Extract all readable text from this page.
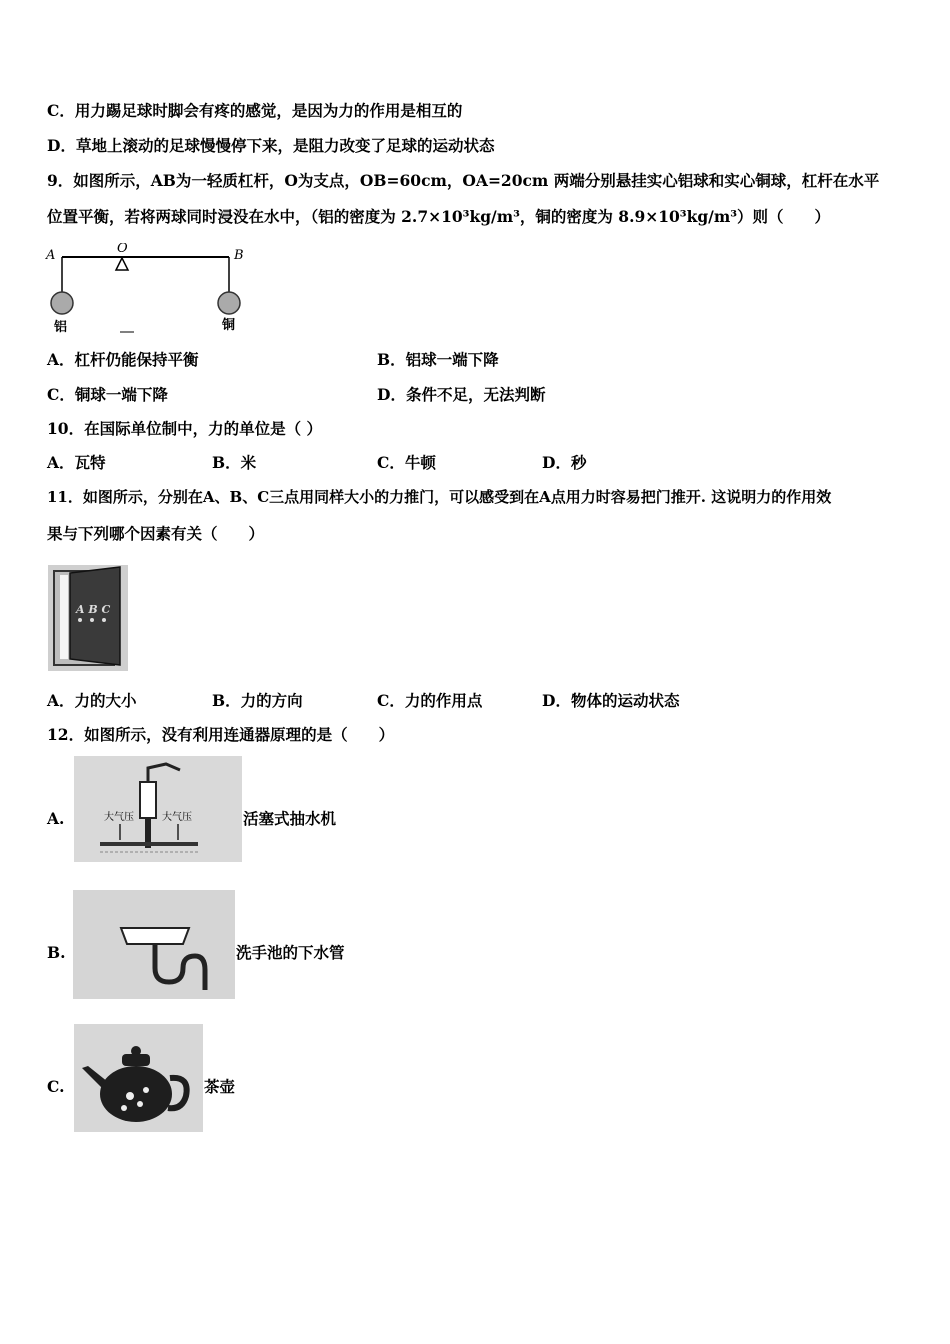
C．用力踢足球时脚会有疼的感觉，是因为力的作用是相互的
D．草地上滚动的足球慢慢停下来，是阻力改变了足球的运动状态
9．如图所示，AB为一轻质杠杆，O为支点，OB=60cm，OA=20cm 两端分别悬挂实心铝球和实心铜球，杠杆在水平
位置平衡，若将两球同时浸没在水中，（铝的密度为 2.7×10³kg/m³，铜的密度为 8.9×10³kg/m³）则（　　）
A	O	B
铝	铜
A．杠杆仍能保持平衡	B．铝球一端下降
C．铜球一端下降	D．条件不足，无法判断
10．在国际单位制中，力的单位是（ ）
A．瓦特	B．米	C．牛顿	D．秒
11．如图所示，分别在A、B、C三点用同样大小的力推门，可以感受到在A点用力时容易把门推开. 这说明力的作用效
果与下列哪个因素有关（　　）
A B C
A．力的大小	B．力的方向	C．力的作用点	D．物体的运动状态
12．如图所示，没有利用连通器原理的是（　　）
A.	大气压	大气压	活塞式抽水机
B.	洗手池的下水管
C.	茶壶
